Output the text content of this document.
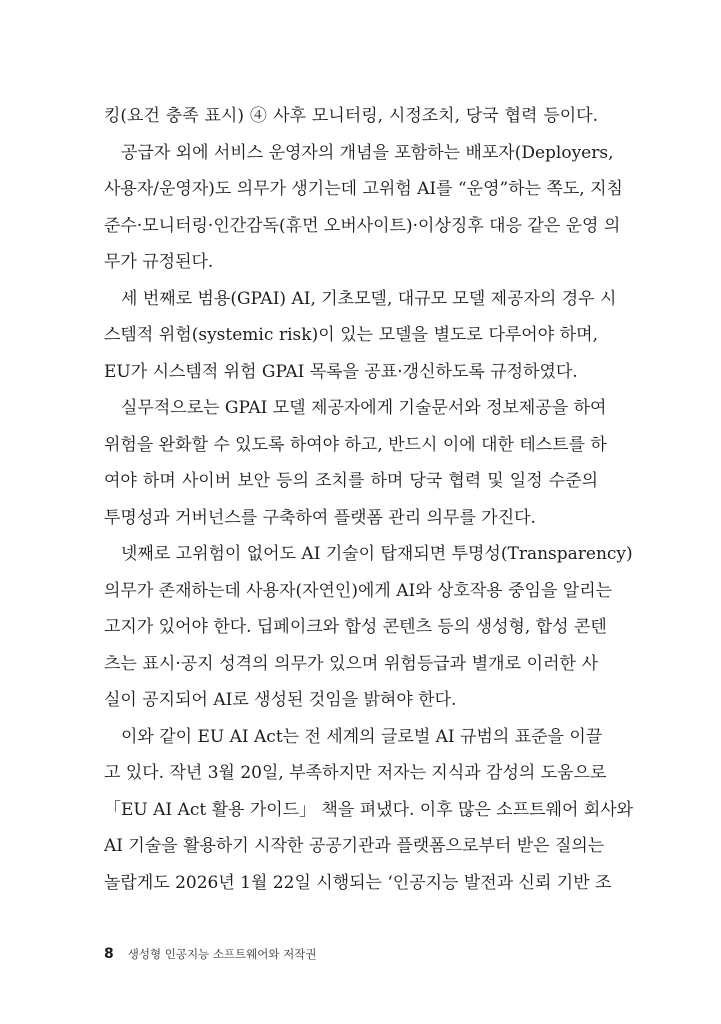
킹(요건 충족 표시) ④ 사후 모니터링, 시정조치, 당국 협력 등이다.
공급자 외에 서비스 운영자의 개념을 포함하는 배포자(Deployers,
사용자/운영자)도 의무가 생기는데 고위험 AI를 “운영”하는 쪽도, 지침
준수·모니터링·인간감독(휴먼 오버사이트)·이상징후 대응 같은 운영 의
무가 규정된다.
세 번째로 범용(GPAI) AI, 기초모델, 대규모 모델 제공자의 경우 시
스템적 위험(systemic risk)이 있는 모델을 별도로 다루어야 하며,
EU가 시스템적 위험 GPAI 목록을 공표·갱신하도록 규정하였다.
실무적으로는 GPAI 모델 제공자에게 기술문서와 정보제공을 하여
위험을 완화할 수 있도록 하여야 하고, 반드시 이에 대한 테스트를 하
여야 하며 사이버 보안 등의 조치를 하며 당국 협력 및 일정 수준의
투명성과 거버넌스를 구축하여 플랫폼 관리 의무를 가진다.
넷째로 고위험이 없어도 AI 기술이 탑재되면 투명성(Transparency)
의무가 존재하는데 사용자(자연인)에게 AI와 상호작용 중임을 알리는
고지가 있어야 한다. 딥페이크와 합성 콘텐츠 등의 생성형, 합성 콘텐
츠는 표시·공지 성격의 의무가 있으며 위험등급과 별개로 이러한 사
실이 공지되어 AI로 생성된 것임을 밝혀야 한다.
이와 같이 EU AI Act는 전 세계의 글로벌 AI 규범의 표준을 이끌
고 있다. 작년 3월 20일, 부족하지만 저자는 지식과 감성의 도움으로
「EU AI Act 활용 가이드」 책을 펴냈다. 이후 많은 소프트웨어 회사와
AI 기술을 활용하기 시작한 공공기관과 플랫폼으로부터 받은 질의는
놀랍게도 2026년 1월 22일 시행되는 ‘인공지능 발전과 신뢰 기반 조
8 생성형 인공지능 소프트웨어와 저작권
